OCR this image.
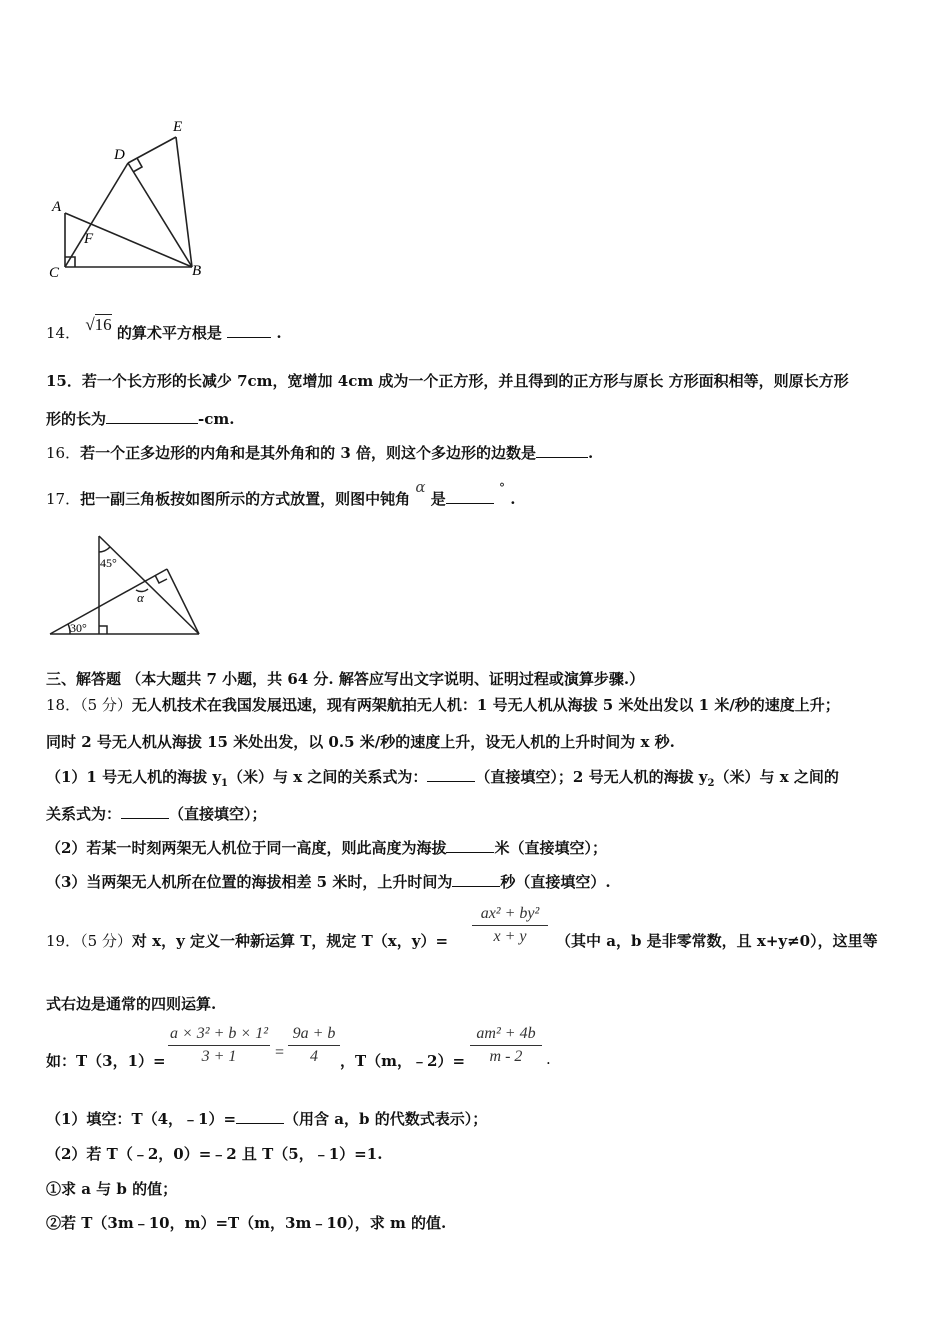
E
D
A
F
C	B
14． √16 的算术平方根是	.
15．若一个长方形的长减少 7cm，宽增加 4cm 成为一个正方形，并且得到的正方形与原长 方形面积相等，则原长方形
形的长为	-cm.
16．若一个正多边形的内角和是其外角和的 3 倍，则这个多边形的边数是	.
17．把一副三角板按如图所示的方式放置，则图中钝角 α 是 ° .
45°
α
30°
三、解答题 （本大题共 7 小题，共 64 分. 解答应写出文字说明、证明过程或演算步骤.）
18．（5 分）无人机技术在我国发展迅速，现有两架航拍无人机：1 号无人机从海拔 5 米处出发以 1 米/秒的速度上升；
同时 2 号无人机从海拔 15 米处出发，以 0.5 米/秒的速度上升，设无人机的上升时间为 x 秒.
（1）1 号无人机的海拔 $y_1$（米）与 x 之间的关系式为：	（直接填空）；2 号无人机的海拔 $y_2$（米）与 x 之间的
关系式为：	（直接填空）；
（2）若某一时刻两架无人机位于同一高度，则此高度为海拔	米（直接填空）；
（3）当两架无人机所在位置的海拔相差 5 米时，上升时间为	秒（直接填空）.
19．（5 分）对 x，y 定义一种新运算 T，规定 T（x，y）=
ax² + by²
x + y	（其中 a，b 是非零常数，且 x+y≠0），这里等
式右边是通常的四则运算.
如：T（3，1）=
a × 3² + b × 1²
3 + 1	=
9a + b
4	，T（m，﹣2）=
am² + 4b
m - 2	.
（1）填空：T（4，﹣1）=	（用含 a，b 的代数式表示）；
（2）若 T（﹣2，0）=﹣2 且 T（5，﹣1）=1.
①求 a 与 b 的值；
②若 T（3m﹣10，m）=T（m，3m﹣10），求 m 的值.
